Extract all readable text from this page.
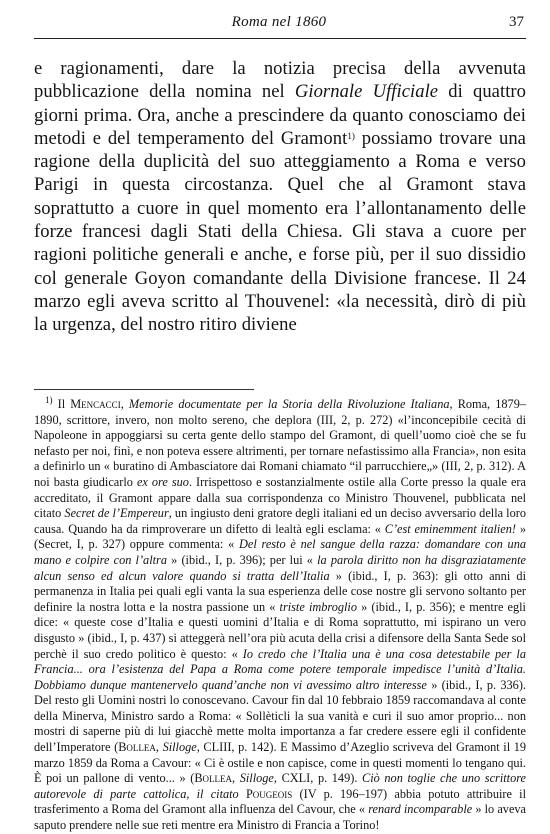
Roma nel 1860	37

e ragionamenti, dare la notizia precisa della avvenuta pubblicazione della nomina nel Giornale Ufficiale di quattro giorni prima. Ora, anche a prescindere da quanto conosciamo dei metodi e del temperamento del Gramont$^{1)}$ possiamo trovare una ragione della duplicità del suo atteggiamento a Roma e verso Parigi in questa circostanza. Quel che al Gramont stava soprattutto a cuore in quel momento era l’allontanamento delle forze francesi dagli Stati della Chiesa. Gli stava a cuore per ragioni politiche generali e anche, e forse più, per il suo dissidio col generale Goyon comandante della Divisione francese. Il 24 marzo egli aveva scritto al Thouvenel: «la necessità, dirò di più la urgenza, del nostro ritiro diviene

$^{1)}$ Il Mencacci, Memorie documentate per la Storia della Rivoluzione Italiana, Roma, 1879–1890, scrittore, invero, non molto sereno, che deplora (III, 2, p. 272) «l’inconcepibile cecità di Napoleone in appoggiarsi su certa gente dello stampo del Gramont, di quell’uomo cioè che se fu nefasto per noi, finì, e non poteva essere altrimenti, per tornare nefastissimo alla Francia», non esita a definirlo un « buratino di Ambasciatore dai Romani chiamato “il parrucchiere„» (III, 2, p. 312). A noi basta giudicarlo ex ore suo. Irrispettoso e sostanzialmente ostile alla Corte presso la quale era accreditato, il Gramont appare dalla sua corrispondenza co Ministro Thouvenel, pubblicata nel citato Secret de l’Empereur, un ingiusto deni gratore degli italiani ed un deciso avversario della loro causa. Quando ha da rimproverare un difetto di lealtà egli esclama: « C’est eminemment italien! » (Secret, I, p. 327) oppure commenta: « Del resto è nel sangue della razza: domandare con una mano e colpire con l’altra » (ibid., I, p. 396); per lui « la parola diritto non ha disgraziatamente alcun senso ed alcun valore quando si tratta dell’Italia » (ibid., I, p. 363): gli otto anni di permanenza in Italia pei quali egli vanta la sua esperienza delle cose nostre gli servono soltanto per definire la nostra lotta e la nostra passione un « triste imbroglio » (ibid., I, p. 356); e mentre egli dice: « queste cose d’Italia e questi uomini d’Italia e di Roma soprattutto, mi ispirano un vero disgusto » (ibid., I, p. 437) si atteggerà nell’ora più acuta della crisi a difensore della Santa Sede sol perchè il suo credo politico è questo: « Io credo che l’Italia una è una cosa detestabile per la Francia... ora l’esistenza del Papa a Roma come potere temporale impedisce l’unità d’Italia. Dobbiamo dunque mantenervelo quand’anche non vi avessimo altro interesse » (ibid., I, p. 336). Del resto gli Uomini nostri lo conoscevano. Cavour fin dal 10 febbraio 1859 raccomandava al conte della Minerva, Ministro sardo a Roma: « Sollèticli la sua vanità e curi il suo amor proprio... non mostri di saperne più di lui giacchè mette molta importanza a far credere essere egli il confidente dell’Imperatore (Bollea, Silloge, CLIII, p. 142). E Massimo d’Azeglio scriveva del Gramont il 19 marzo 1859 da Roma a Cavour: « Ci è ostile e non capisce, come in questi momenti lo tengano qui. È poi un pallone di vento... » (Bollea, Silloge, CXLI, p. 149). Ciò non toglie che uno scrittore autorevole di parte cattolica, il citato Pougeois (IV p. 196–197) abbia potuto attribuire il trasferimento a Roma del Gramont alla influenza del Cavour, che « renard incomparable » lo aveva saputo prendere nelle sue reti mentre era Ministro di Francia a Torino!
